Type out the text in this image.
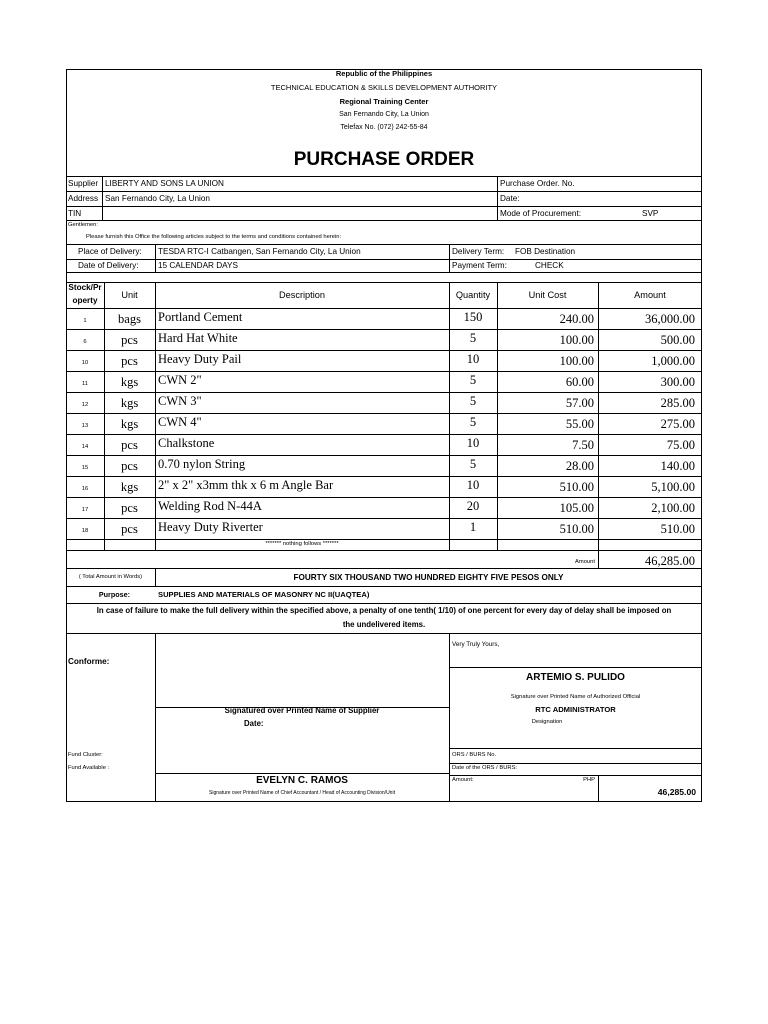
Republic of the Philippines
TECHNICAL EDUCATION & SKILLS DEVELOPMENT AUTHORITY
Regional Training Center
San Fernando City, La Union
Telefax No. (072) 242-55-84
PURCHASE ORDER
Supplier LIBERTY AND SONS LA UNION	Purchase Order. No.
Address San Fernando City, La Union	Date:
TIN	Mode of Procurement:	SVP
Gentlemen:
Please furnish this Office the following articles subject to the terms and conditions contained herein:
Place of Delivery: TESDA RTC-I Catbangen, San Fernando City, La Union	Delivery Term: FOB Destination
Date of Delivery: 15 CALENDAR DAYS	Payment Term:	CHECK
Stock/Pr
operty
Unit	Description	Quantity	Unit Cost	Amount
1	bags	Portland Cement	150	240.00	36,000.00
6	pcs	Hard Hat White	5	100.00	500.00
10	pcs	Heavy Duty Pail	10	100.00	1,000.00
11	kgs	CWN 2"	5	60.00	300.00
12	kgs	CWN 3"	5	57.00	285.00
13	kgs	CWN 4"	5	55.00	275.00
14	pcs	Chalkstone	10	7.50	75.00
15	pcs	0.70 nylon String	5	28.00	140.00
16	kgs	2" x 2" x3mm thk x 6 m Angle Bar	10	510.00	5,100.00
17	pcs	Welding Rod N-44A	20	105.00	2,100.00
18	pcs	Heavy Duty Riverter	1	510.00	510.00
******* nothing follows *******
Amount	46,285.00
( Total Amount in Words)	FOURTY SIX THOUSAND TWO HUNDRED EIGHTY FIVE PESOS ONLY
Purpose:	SUPPLIES AND MATERIALS OF MASONRY NC II(UAQTEA)
In case of failure to make the full delivery within the specified above, a penalty of one tenth( 1/10) of one percent for every day of delay shall be imposed on
the undelivered items.
Conforme:
Signatured over Printed Name of Supplier
Date:
Very Truly Yours,
ARTEMIO S. PULIDO
Signature over Printed Name of Authorized Official
RTC ADMINISTRATOR
Designation
Fund Cluster:
Fund Available :
ORS / BURS No.
Date of the ORS / BURS:
Amount:	PHP
46,285.00
EVELYN C. RAMOS
Signature over Printed Name of Chief Accountant / Head of Accounting Division/Unit
